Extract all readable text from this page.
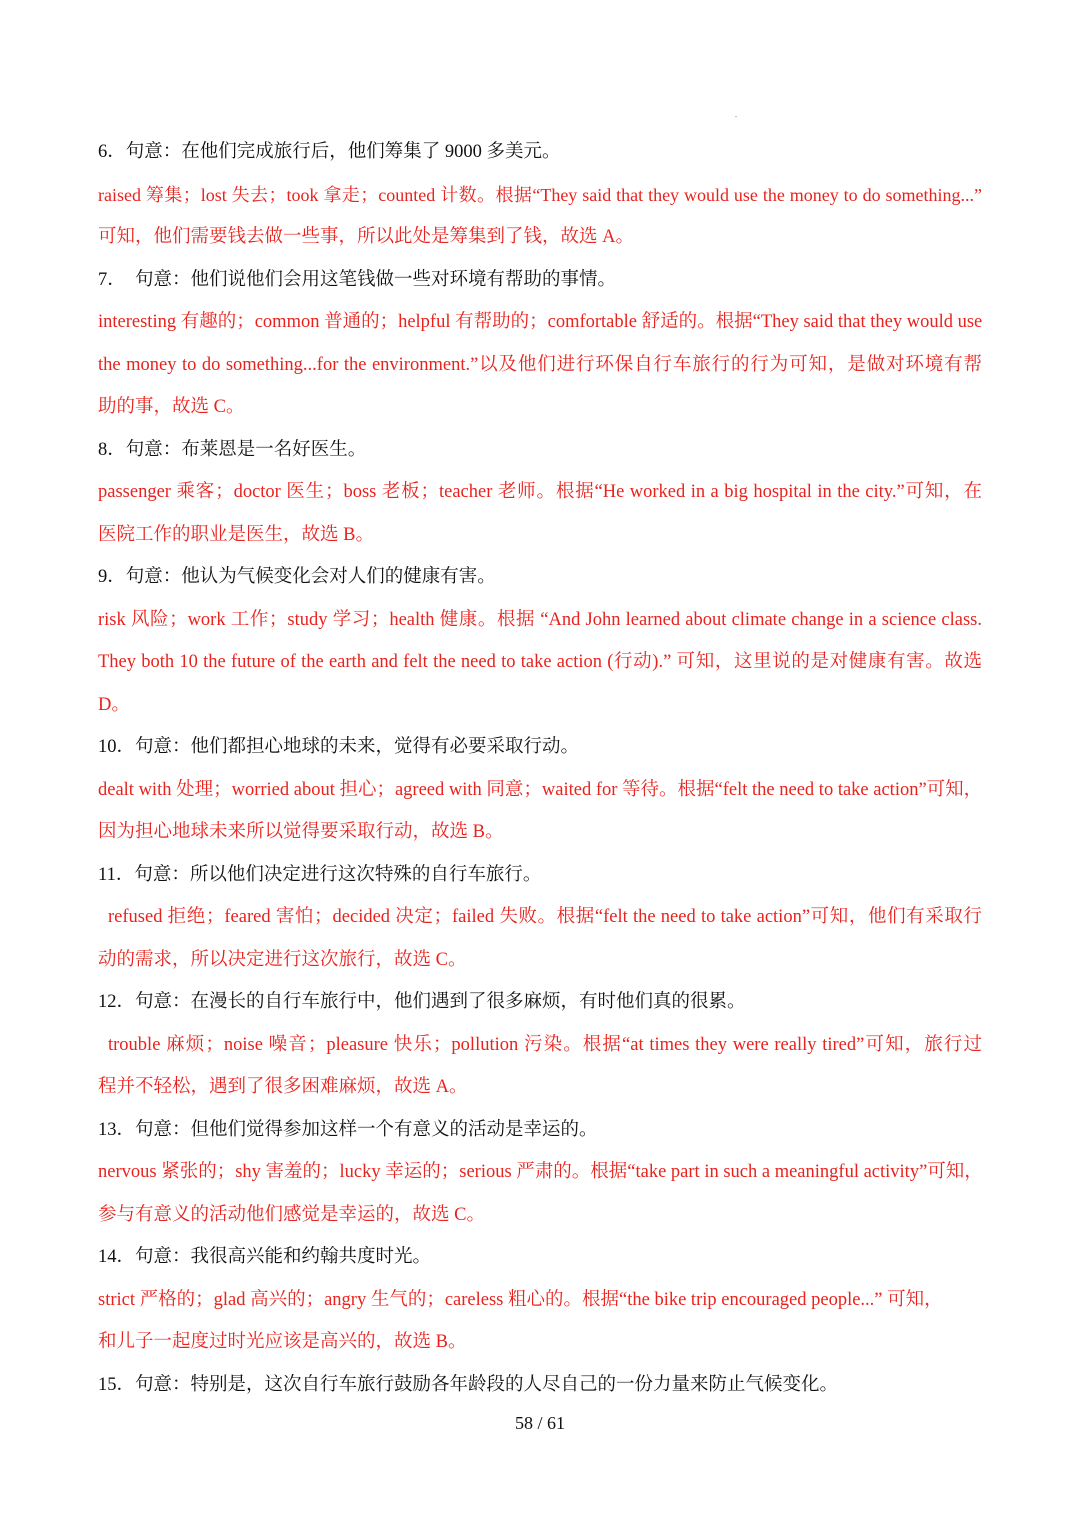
6．句意：在他们完成旅行后，他们筹集了 9000 多美元。
raised 筹集；lost 失去；took 拿走；counted 计数。根据“They said that they would use the money to do something...”
可知，他们需要钱去做一些事，所以此处是筹集到了钱，故选 A。
7．　句意：他们说他们会用这笔钱做一些对环境有帮助的事情。
interesting 有趣的；common 普通的；helpful 有帮助的；comfortable 舒适的。根据“They said that they would use
the money to do something...for the environment.”以及他们进行环保自行车旅行的行为可知，是做对环境有帮
助的事，故选 C。
8．句意：布莱恩是一名好医生。
passenger 乘客；doctor 医生；boss 老板；teacher 老师。根据“He worked in a big hospital in the city.”可知，在
医院工作的职业是医生，故选 B。
9．句意：他认为气候变化会对人们的健康有害。
risk 风险；work 工作；study 学习；health 健康。根据 “And John learned about climate change in a science class.
They both 10 the future of the earth and felt the need to take action (行动).” 可知，这里说的是对健康有害。故选
D。
10．句意：他们都担心地球的未来，觉得有必要采取行动。
dealt with 处理；worried about 担心；agreed with 同意；waited for 等待。根据“felt the need to take action”可知，
因为担心地球未来所以觉得要采取行动，故选 B。
11．句意：所以他们决定进行这次特殊的自行车旅行。
refused 拒绝；feared 害怕；decided 决定；failed 失败。根据“felt the need to take action”可知，他们有采取行
动的需求，所以决定进行这次旅行，故选 C。
12．句意：在漫长的自行车旅行中，他们遇到了很多麻烦，有时他们真的很累。
trouble 麻烦；noise 噪音；pleasure 快乐；pollution 污染。根据“at times they were really tired”可知，旅行过
程并不轻松，遇到了很多困难麻烦，故选 A。
13．句意：但他们觉得参加这样一个有意义的活动是幸运的。
nervous 紧张的；shy 害羞的；lucky 幸运的；serious 严肃的。根据“take part in such a meaningful activity”可知，
参与有意义的活动他们感觉是幸运的，故选 C。
14．句意：我很高兴能和约翰共度时光。
strict 严格的；glad 高兴的；angry 生气的；careless 粗心的。根据“the bike trip encouraged people...” 可知，
和儿子一起度过时光应该是高兴的，故选 B。
15．句意：特别是，这次自行车旅行鼓励各年龄段的人尽自己的一份力量来防止气候变化。
58 / 61
